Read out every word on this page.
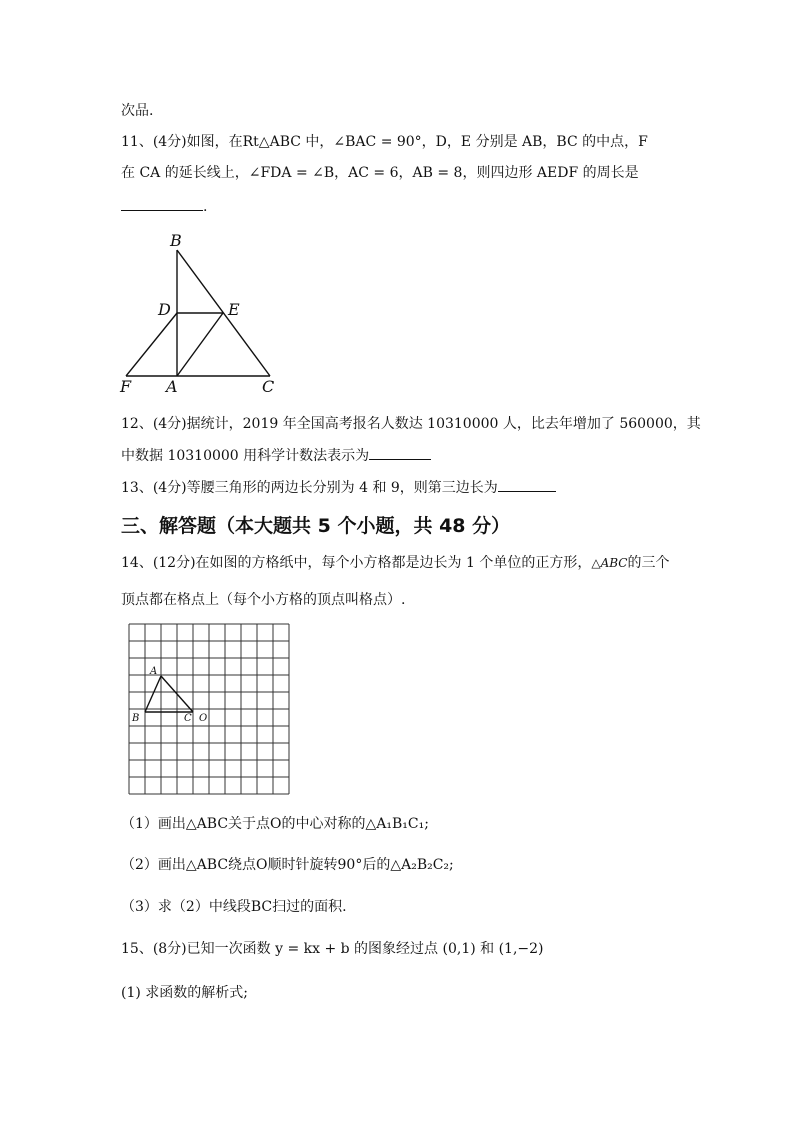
次品.
11、(4分)如图，在Rt△ABC 中，∠BAC = 90°，D，E 分别是 AB，BC 的中点，F
在 CA 的延长线上，∠FDA = ∠B，AC = 6，AB = 8，则四边形 AEDF 的周长是
.
B
D	E
F A	C
12、(4分)据统计，2019 年全国高考报名人数达 10310000 人，比去年增加了 560000，其
中数据 10310000 用科学计数法表示为
13、(4分)等腰三角形的两边长分别为 4 和 9，则第三边长为
三、解答题（本大题共 5 个小题，共 48 分）
14、(12分)在如图的方格纸中，每个小方格都是边长为 1 个单位的正方形，△ABC的三个
顶点都在格点上（每个小方格的顶点叫格点）.
A
B	C O
（1）画出△ABC关于点O的中心对称的△A₁B₁C₁;
（2）画出△ABC绕点O顺时针旋转90°后的△A₂B₂C₂;
（3）求（2）中线段BC扫过的面积.
15、(8分)已知一次函数 y = kx + b 的图象经过点 (0,1) 和 (1,−2)
(1) 求函数的解析式;
